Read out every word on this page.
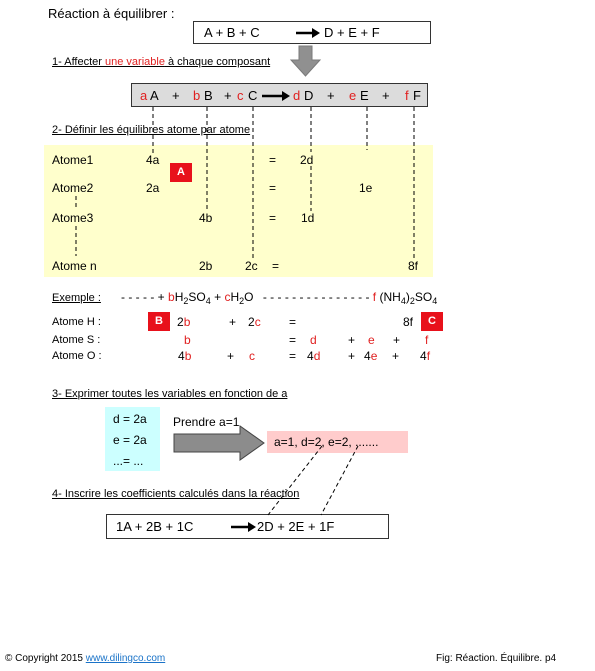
Réaction à équilibrer :
A + B + C	D + E + F
1- Affecter une variable à chaque composant
a A + b B + c C	d D + e E + f F
2- Définir les équilibres atome par atome
Atome1	4a	= 2d
Atome2	2a	=	1e
Atome3	4b	= 1d
Atome n	2b	2c =	8f
A
Exemple : - - - - - + $bH_2SO_4 + cH_2O$ - - - - - - - - - - - - - - - f $(NH_4)_2SO_4$
Atome H :	B	2b	+ 2c =	8f	C
Atome S :	b	= d	+ e + f
Atome O :	4b	+ c	= 4d + 4e + 4f
3- Exprimer toutes les variables en fonction de a
d = 2a
e = 2a
...= ...
Prendre a=1
a=1, d=2, e=2, .......
4- Inscrire les coefficients calculés dans la réaction
1A + 2B + 1C	2D + 2E + 1F
© Copyright 2015 www.dilingco.com	Fig: Réaction. Équilibre. p4
